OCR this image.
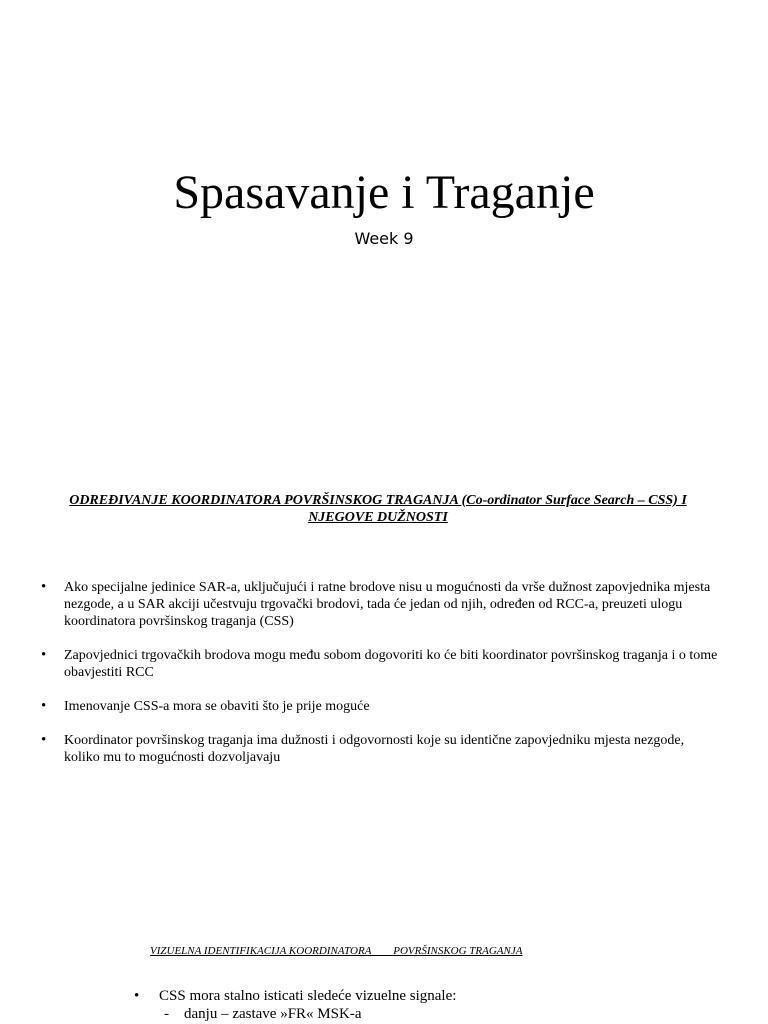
Spasavanje i Traganje
Week 9
ODREĐIVANJE KOORDINATORA POVRŠINSKOG TRAGANJA (Co-ordinator Surface Search – CSS) I NJEGOVE DUŽNOSTI
• Ako specijalne jedinice SAR-a, uključujući i ratne brodove nisu u mogućnosti da vrše dužnost zapovjednika mjesta nezgode, a u SAR akciji učestvuju trgovački brodovi, tada će jedan od njih, određen od RCC-a, preuzeti ulogu koordinatora površinskog traganja (CSS)
• Zapovjednici trgovačkih brodova mogu među sobom dogovoriti ko će biti koordinator površinskog traganja i o tome obavjestiti RCC
• Imenovanje CSS-a mora se obaviti što je prije moguće
• Koordinator površinskog traganja ima dužnosti i odgovornosti koje su identične zapovjedniku mjesta nezgode, koliko mu to mogućnosti dozvoljavaju
VIZUELNA IDENTIFIKACIJA KOORDINATORA        POVRŠINSKOG TRAGANJA
• CSS mora stalno isticati sledeće vizuelne signale:
- danju – zastave »FR« MSK-a
